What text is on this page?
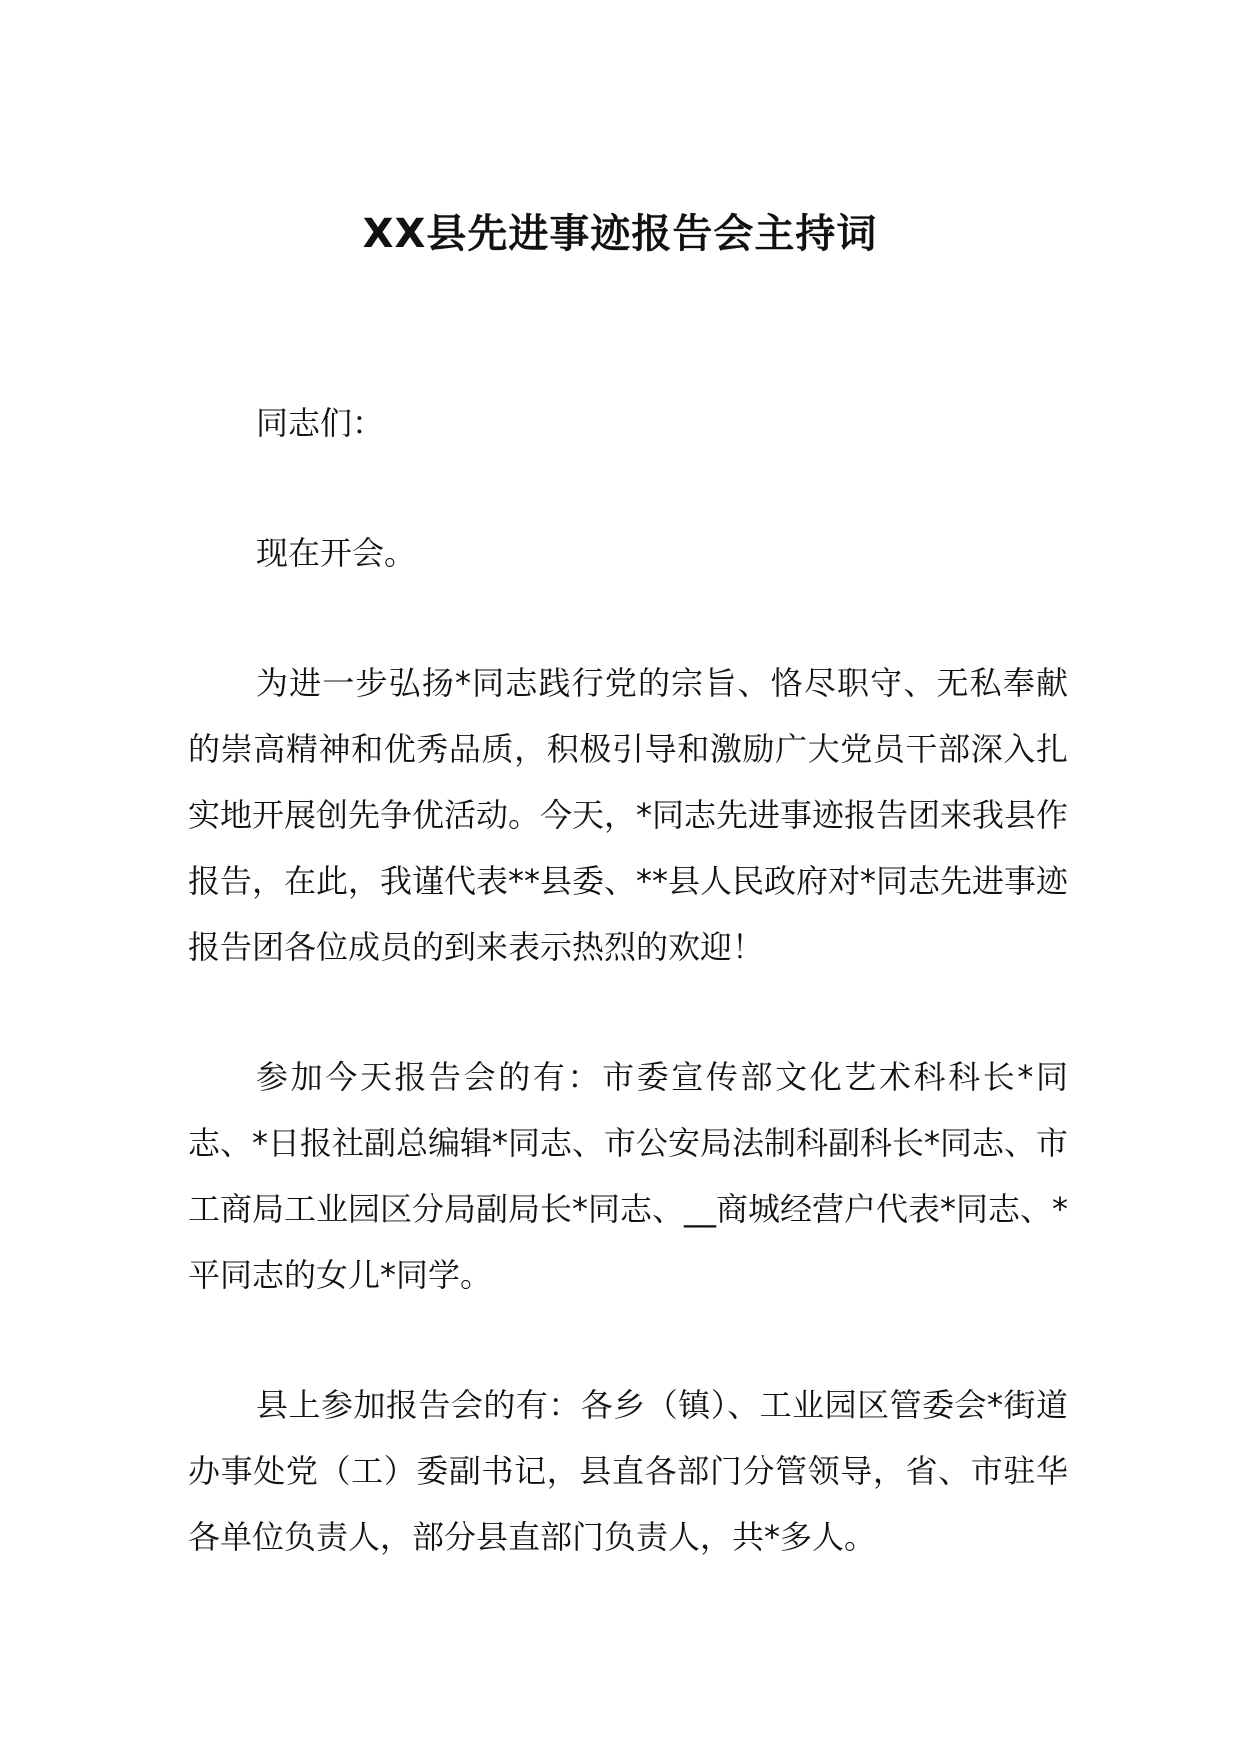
XX县先进事迹报告会主持词

同志们：

现在开会。

为进一步弘扬*同志践行党的宗旨、恪尽职守、无私奉献的崇高精神和优秀品质，积极引导和激励广大党员干部深入扎实地开展创先争优活动。今天，*同志先进事迹报告团来我县作报告，在此，我谨代表**县委、**县人民政府对*同志先进事迹报告团各位成员的到来表示热烈的欢迎！

参加今天报告会的有：市委宣传部文化艺术科科长*同志、*日报社副总编辑*同志、市公安局法制科副科长*同志、市工商局工业园区分局副局长*同志、__商城经营户代表*同志、*平同志的女儿*同学。

县上参加报告会的有：各乡（镇）、工业园区管委会*街道办事处党（工）委副书记，县直各部门分管领导，省、市驻华各单位负责人，部分县直部门负责人，共*多人。
